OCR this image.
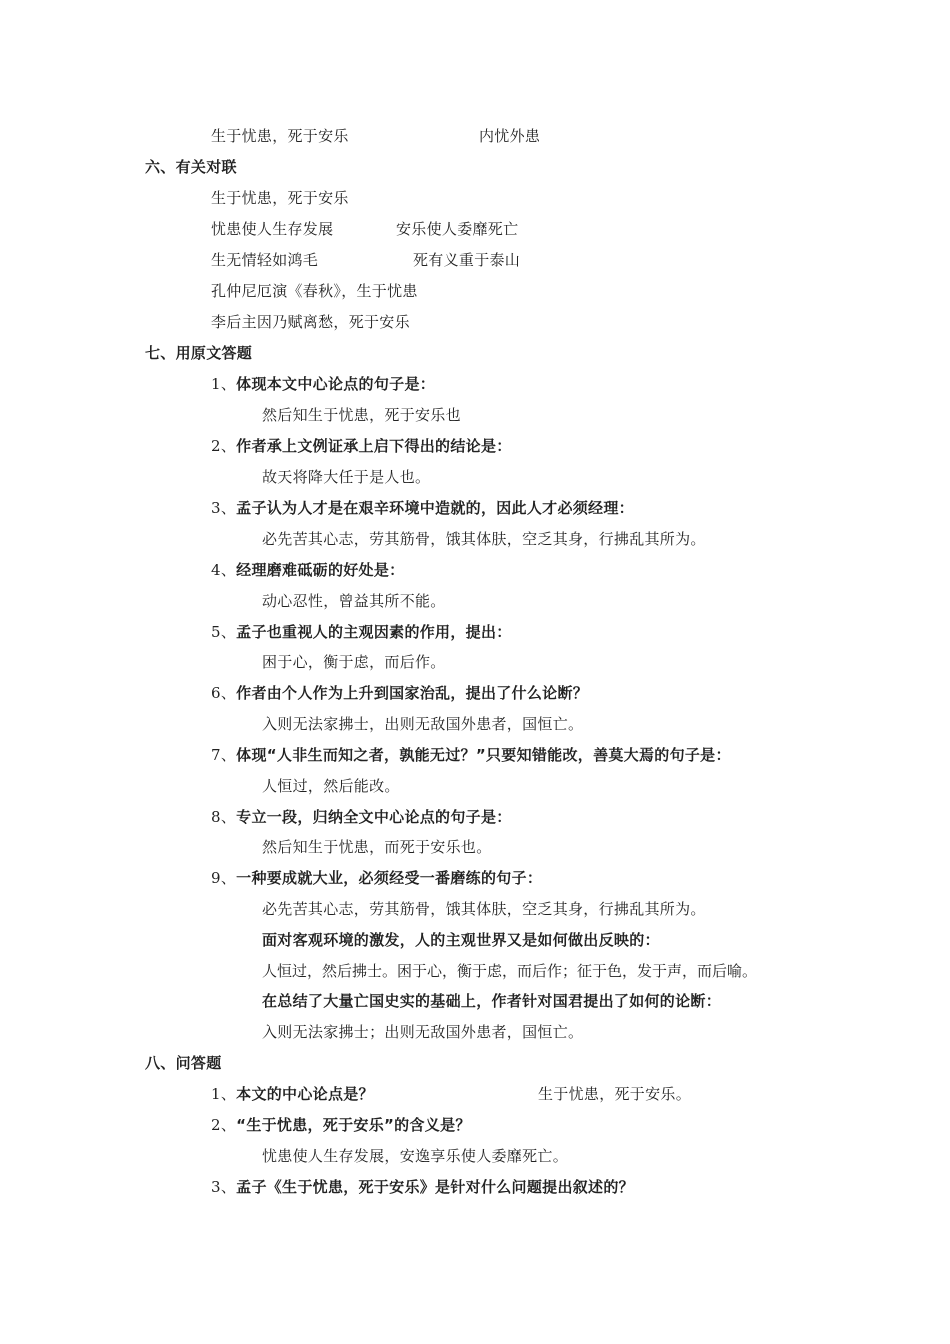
生于忧患，死于安乐	内忧外患
六、有关对联
生于忧患，死于安乐
忧患使人生存发展	安乐使人委靡死亡
生无情轻如鸿毛	死有义重于泰山
孔仲尼厄演《春秋》，生于忧患
李后主因乃赋离愁，死于安乐
七、用原文答题
1、体现本文中心论点的句子是：
然后知生于忧患，死于安乐也
2、作者承上文例证承上启下得出的结论是：
故天将降大任于是人也。
3、孟子认为人才是在艰辛环境中造就的，因此人才必须经理：
必先苦其心志，劳其筋骨，饿其体肤，空乏其身，行拂乱其所为。
4、经理磨难砥砺的好处是：
动心忍性，曾益其所不能。
5、孟子也重视人的主观因素的作用，提出：
困于心，衡于虑，而后作。
6、作者由个人作为上升到国家治乱，提出了什么论断？
入则无法家拂士，出则无敌国外患者，国恒亡。
7、体现“人非生而知之者，孰能无过？”只要知错能改，善莫大焉的句子是：
人恒过，然后能改。
8、专立一段，归纳全文中心论点的句子是：
然后知生于忧患，而死于安乐也。
9、一种要成就大业，必须经受一番磨练的句子：
必先苦其心志，劳其筋骨，饿其体肤，空乏其身，行拂乱其所为。
面对客观环境的激发，人的主观世界又是如何做出反映的：
人恒过，然后拂士。困于心，衡于虑，而后作；征于色，发于声，而后喻。
在总结了大量亡国史实的基础上，作者针对国君提出了如何的论断：
入则无法家拂士；出则无敌国外患者，国恒亡。
八、问答题
1、本文的中心论点是？	生于忧患，死于安乐。
2、“生于忧患，死于安乐”的含义是？
忧患使人生存发展，安逸享乐使人委靡死亡。
3、孟子《生于忧患，死于安乐》是针对什么问题提出叙述的？
